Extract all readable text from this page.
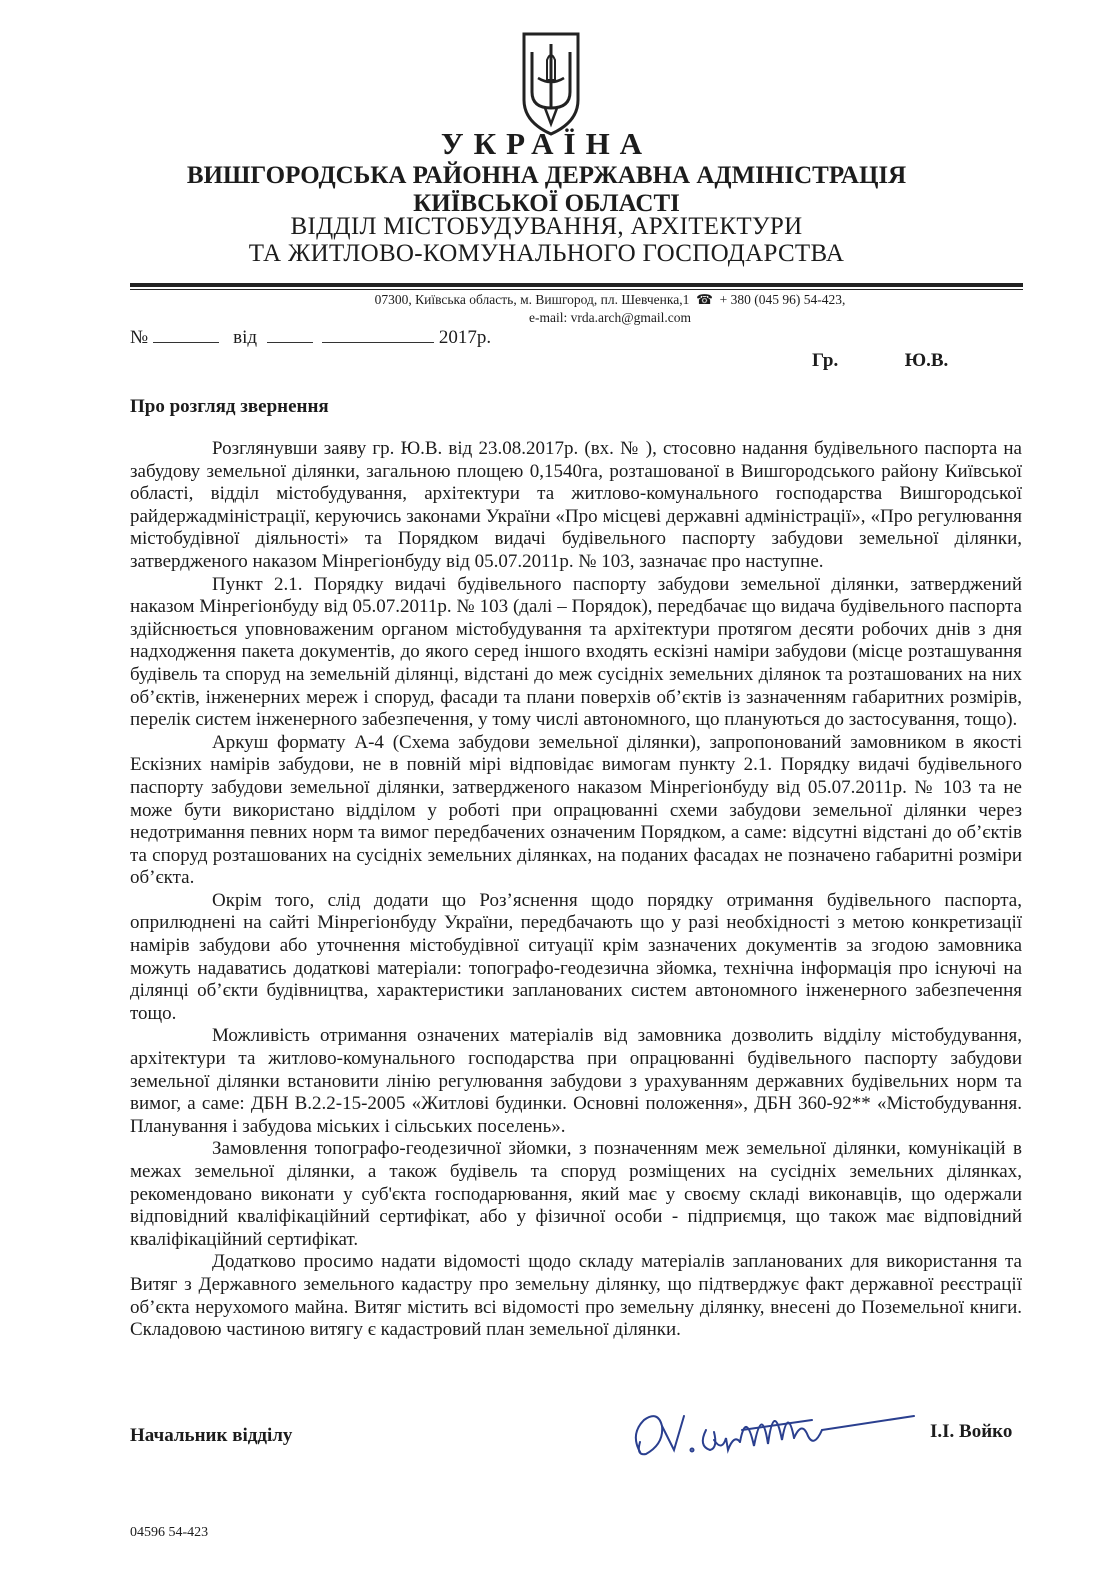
УКРАЇНА
ВИШГОРОДСЬКА РАЙОННА ДЕРЖАВНА АДМІНІСТРАЦІЯ
КИЇВСЬКОЇ ОБЛАСТІ
ВІДДІЛ МІСТОБУДУВАННЯ, АРХІТЕКТУРИ
ТА ЖИТЛОВО-КОМУНАЛЬНОГО ГОСПОДАРСТВА
07300, Київська область, м. Вишгород, пл. Шевченка,1  ☎  + 380 (045 96) 54-423,
e-mail: vrda.arch@gmail.com
№	від	2017р.
Гр.	Ю.В.
Про розгляд звернення

Розглянувши заяву гр. Ю.В. від 23.08.2017р. (вх. № ), стосовно надання будівельного паспорта на забудову земельної ділянки, загальною площею 0,1540га, розташованої в Вишгородського району Київської області, відділ містобудування, архітектури та житлово-комунального господарства Вишгородської райдержадміністрації, керуючись законами України «Про місцеві державні адміністрації», «Про регулювання містобудівної діяльності» та Порядком видачі будівельного паспорту забудови земельної ділянки, затвердженого наказом Мінрегіонбуду від 05.07.2011р. № 103, зазначає про наступне.

Пункт 2.1. Порядку видачі будівельного паспорту забудови земельної ділянки, затверджений наказом Мінрегіонбуду від 05.07.2011р. № 103 (далі – Порядок), передбачає що видача будівельного паспорта здійснюється уповноваженим органом містобудування та архітектури протягом десяти робочих днів з дня надходження пакета документів, до якого серед іншого входять ескізні наміри забудови (місце розташування будівель та споруд на земельній ділянці, відстані до меж сусідніх земельних ділянок та розташованих на них об’єктів, інженерних мереж і споруд, фасади та плани поверхів об’єктів із зазначенням габаритних розмірів, перелік систем інженерного забезпечення, у тому числі автономного, що плануються до застосування, тощо).

Аркуш формату А-4 (Схема забудови земельної ділянки), запропонований замовником в якості Ескізних намірів забудови, не в повній мірі відповідає вимогам пункту 2.1. Порядку видачі будівельного паспорту забудови земельної ділянки, затвердженого наказом Мінрегіонбуду від 05.07.2011р. № 103 та не може бути використано відділом у роботі при опрацюванні схеми забудови земельної ділянки через недотримання певних норм та вимог передбачених означеним Порядком, а саме: відсутні відстані до об’єктів та споруд розташованих на сусідніх земельних ділянках, на поданих фасадах не позначено габаритні розміри об’єкта.

Окрім того, слід додати що Роз’яснення щодо порядку отримання будівельного паспорта, оприлюднені на сайті Мінрегіонбуду України, передбачають що у разі необхідності з метою конкретизації намірів забудови або уточнення містобудівної ситуації крім зазначених документів за згодою замовника можуть надаватись додаткові матеріали: топографо-геодезична зйомка, технічна інформація про існуючі на ділянці об’єкти будівництва, характеристики запланованих систем автономного інженерного забезпечення тощо.

Можливість отримання означених матеріалів від замовника дозволить відділу містобудування, архітектури та житлово-комунального господарства при опрацюванні будівельного паспорту забудови земельної ділянки встановити лінію регулювання забудови з урахуванням державних будівельних норм та вимог, а саме: ДБН В.2.2-15-2005 «Житлові будинки. Основні положення», ДБН 360-92** «Містобудування. Планування і забудова міських і сільських поселень».

Замовлення топографо-геодезичної зйомки, з позначенням меж земельної ділянки, комунікацій в межах земельної ділянки, а також будівель та споруд розміщених на сусідніх земельних ділянках, рекомендовано виконати у суб'єкта господарювання, який має у своєму складі виконавців, що одержали відповідний кваліфікаційний сертифікат, або у фізичної особи - підприємця, що також має відповідний кваліфікаційний сертифікат.

Додатково просимо надати відомості щодо складу матеріалів запланованих для використання та Витяг з Державного земельного кадастру про земельну ділянку, що підтверджує факт державної реєстрації об’єкта нерухомого майна. Витяг містить всі відомості про земельну ділянку, внесені до Поземельної книги. Складовою частиною витягу є кадастровий план земельної ділянки.

Начальник відділу	І.І. Войко
04596 54-423
